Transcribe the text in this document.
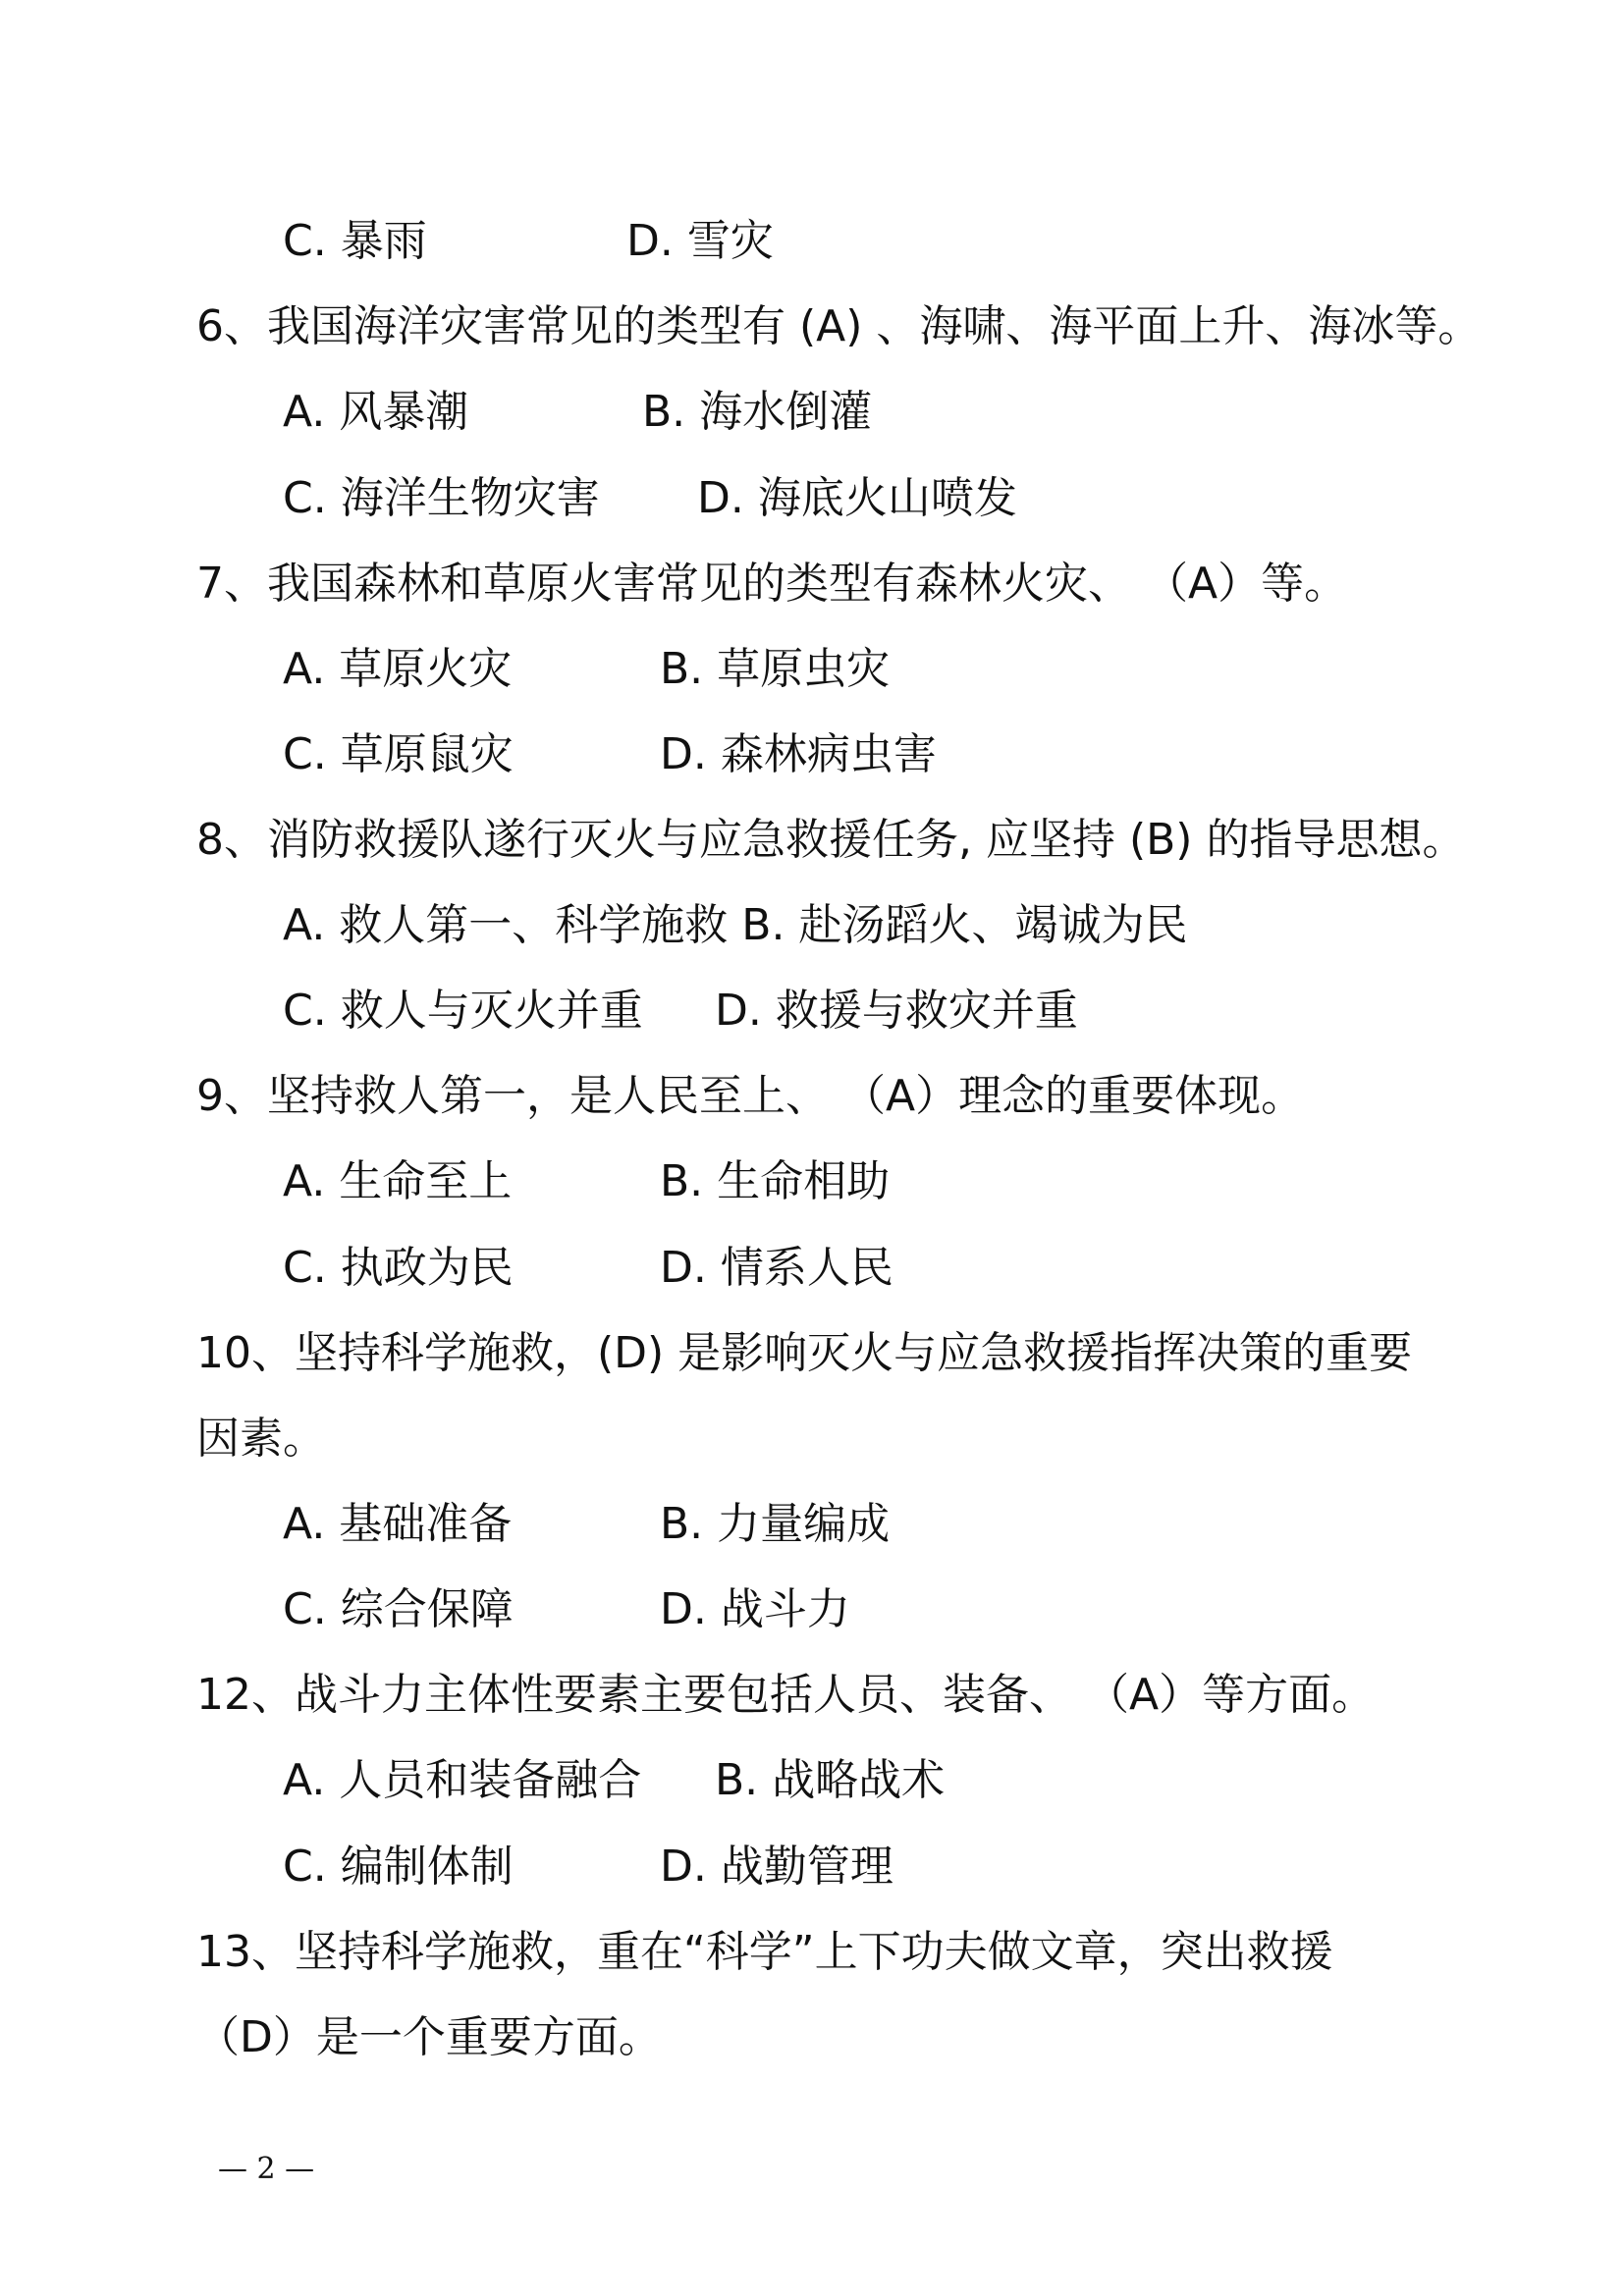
C. 暴雨	D. 雪灾
6、我国海洋灾害常见的类型有 (A) 、海啸、海平面上升、海冰等。
A. 风暴潮	B. 海水倒灌
C. 海洋生物灾害 D. 海底火山喷发
7、我国森林和草原火害常见的类型有森林火灾、 （A）等。
A. 草原火灾	B. 草原虫灾
C. 草原鼠灾	D. 森林病虫害
8、消防救援队遂行灭火与应急救援任务, 应坚持 (B) 的指导思想。
A. 救人第一、科学施救 B. 赴汤蹈火、竭诚为民
C. 救人与灭火并重 D. 救援与救灾并重
9、坚持救人第一，是人民至上、 （A）理念的重要体现。
A. 生命至上	B. 生命相助
C. 执政为民	D. 情系人民
10、坚持科学施救，(D) 是影响灭火与应急救援指挥决策的重要
因素。
A. 基础准备	B. 力量编成
C. 综合保障	D. 战斗力
12、战斗力主体性要素主要包括人员、装备、 （A）等方面。
A. 人员和装备融合 B. 战略战术
C. 编制体制	D. 战勤管理
13、坚持科学施救，重在“科学”上下功夫做文章，突出救援
（D）是一个重要方面。
— 2 —
